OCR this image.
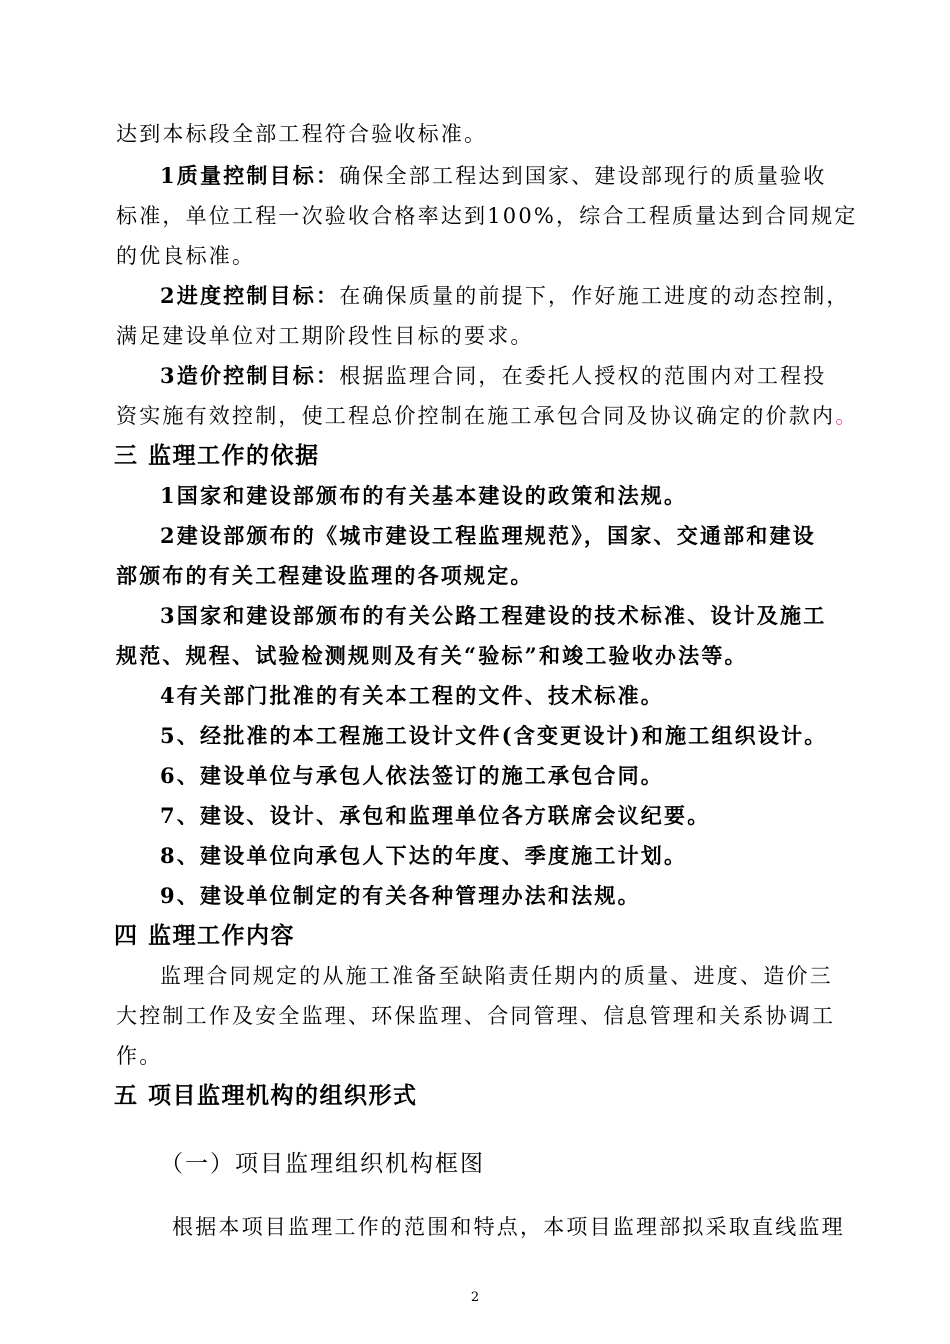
达到本标段全部工程符合验收标准。
1质量控制目标：确保全部工程达到国家、建设部现行的质量验收
标准，单位工程一次验收合格率达到100%，综合工程质量达到合同规定
的优良标准。
2进度控制目标：在确保质量的前提下，作好施工进度的动态控制，
满足建设单位对工期阶段性目标的要求。
3造价控制目标：根据监理合同，在委托人授权的范围内对工程投
资实施有效控制，使工程总价控制在施工承包合同及协议确定的价款内。
三 监理工作的依据
1国家和建设部颁布的有关基本建设的政策和法规。
2建设部颁布的《城市建设工程监理规范》，国家、交通部和建设
部颁布的有关工程建设监理的各项规定。
3国家和建设部颁布的有关公路工程建设的技术标准、设计及施工
规范、规程、试验检测规则及有关“验标”和竣工验收办法等。
4有关部门批准的有关本工程的文件、技术标准。
5、经批准的本工程施工设计文件(含变更设计)和施工组织设计。
6、建设单位与承包人依法签订的施工承包合同。
7、建设、设计、承包和监理单位各方联席会议纪要。
8、建设单位向承包人下达的年度、季度施工计划。
9、建设单位制定的有关各种管理办法和法规。
四 监理工作内容
监理合同规定的从施工准备至缺陷责任期内的质量、进度、造价三
大控制工作及安全监理、环保监理、合同管理、信息管理和关系协调工
作。
五 项目监理机构的组织形式
（一）项目监理组织机构框图
根据本项目监理工作的范围和特点，本项目监理部拟采取直线监理
2
